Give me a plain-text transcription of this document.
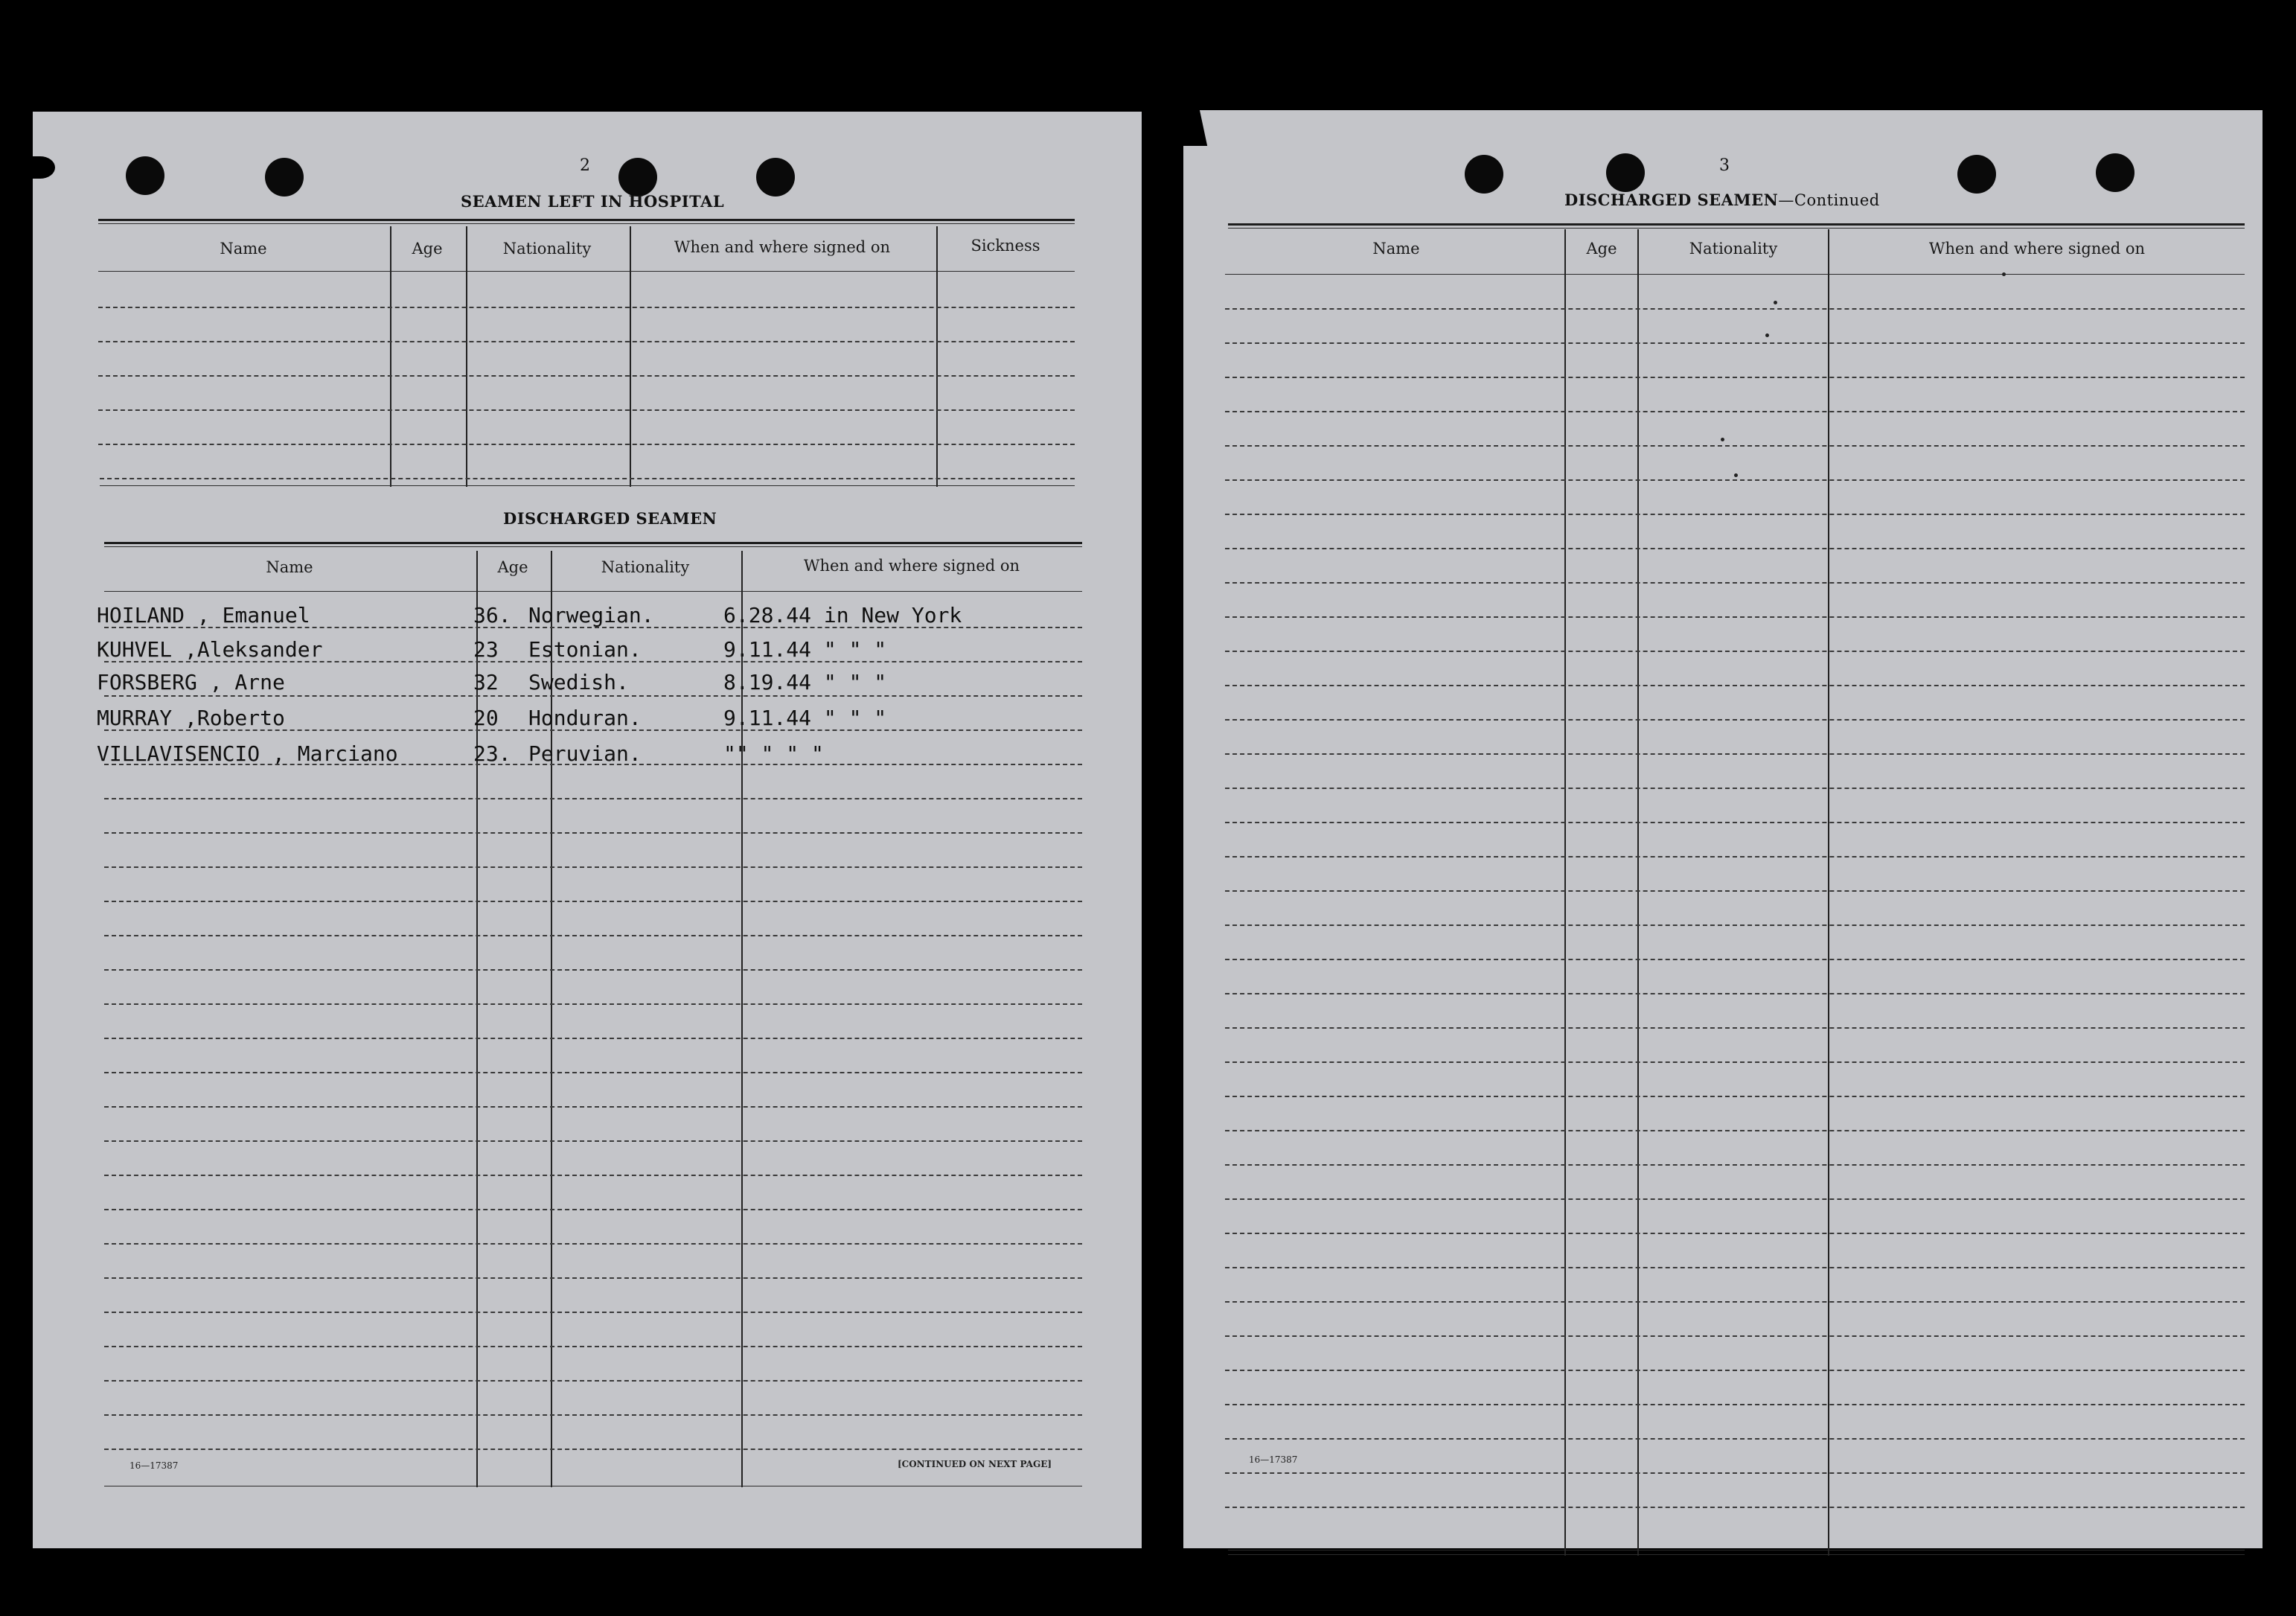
2
SEAMEN LEFT IN HOSPITAL
Name	Age	Nationality	When and where signed on	Sickness
DISCHARGED SEAMEN
Name	Age	Nationality	When and where signed on
HOILAND , Emanuel	36. Norwegian.	6.28.44 in New York
KUHVEL ,Aleksander	23 Estonian.	9.11.44 " " "
FORSBERG , Arne	32 Swedish.	8.19.44 " " "
MURRAY ,Roberto	20 Honduran.	9.11.44 " " "
VILLAVISENCIO , Marciano	23. Peruvian.	"" " " "
16—17387	[CONTINUED ON NEXT PAGE]
3
DISCHARGED SEAMEN—Continued
Name	Age	Nationality	When and where signed on
16—17387
